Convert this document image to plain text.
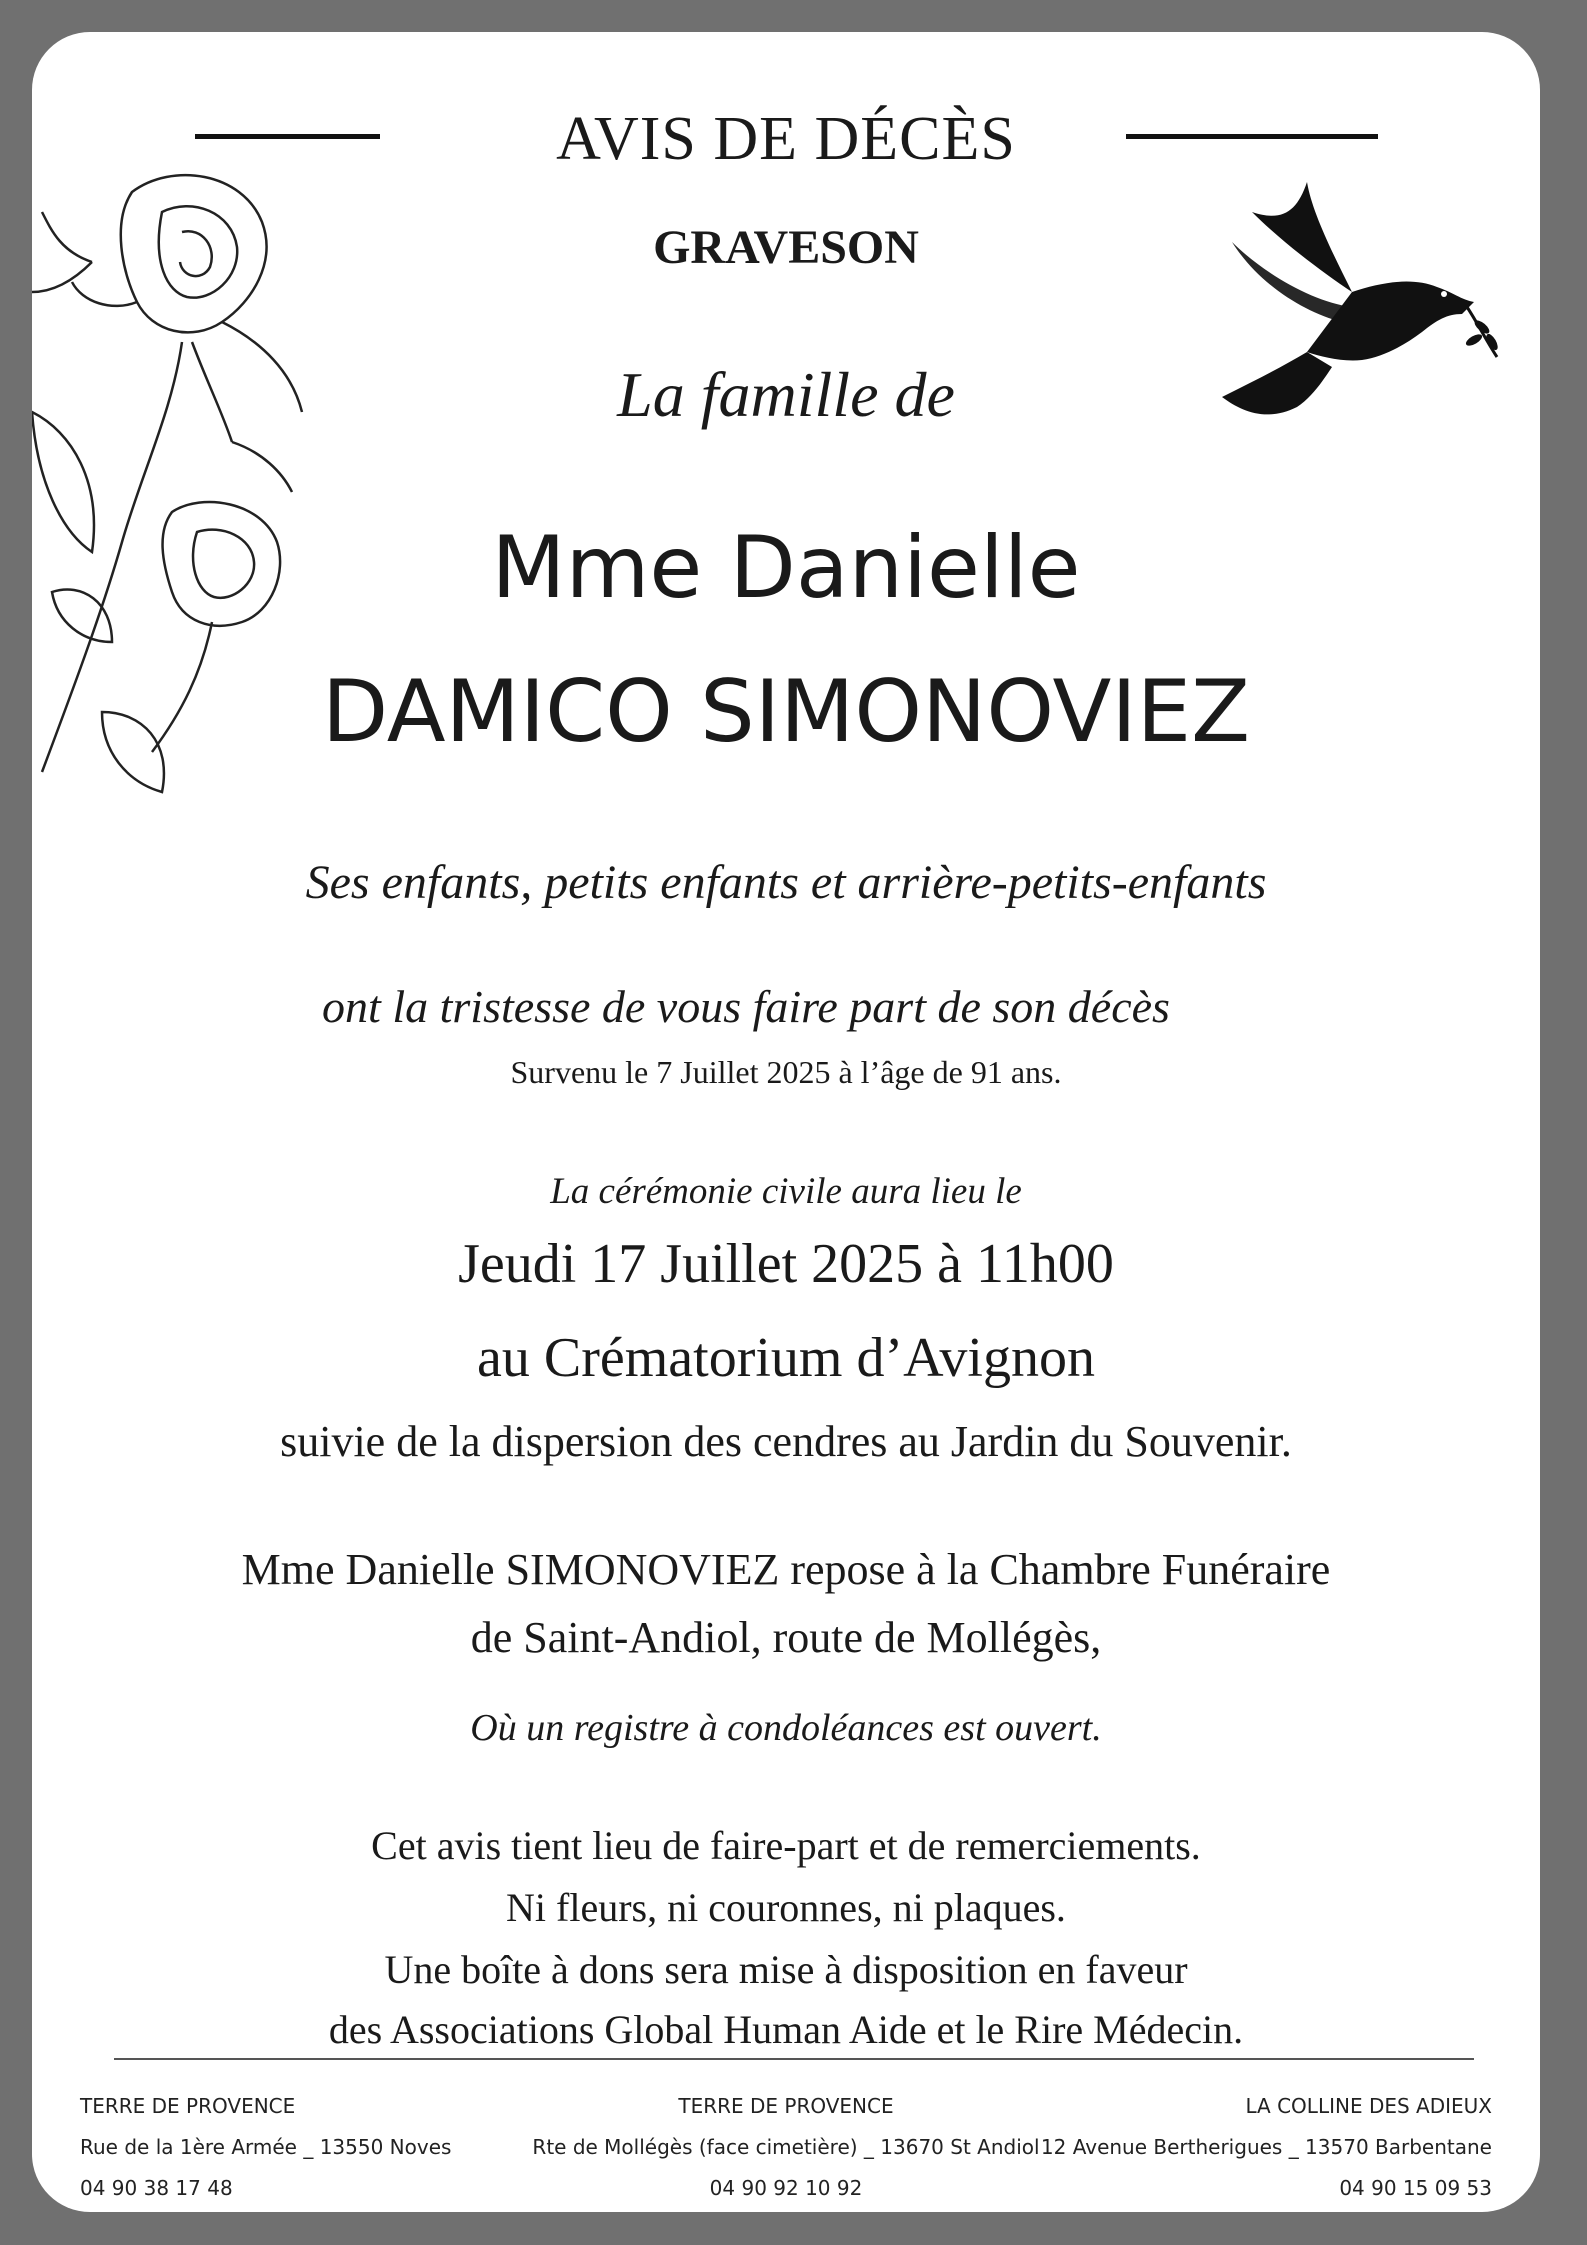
AVIS DE DÉCÈS
GRAVESON
La famille de
Mme Danielle
DAMICO SIMONOVIEZ
Ses enfants, petits enfants et arrière-petits-enfants
ont la tristesse de vous faire part de son décès
Survenu le 7 Juillet 2025 à l’âge de 91 ans.
La cérémonie civile aura lieu le
Jeudi 17 Juillet 2025 à 11h00
au Crématorium d’Avignon
suivie de la dispersion des cendres au Jardin du Souvenir.
Mme Danielle SIMONOVIEZ repose à la Chambre Funéraire
de Saint-Andiol, route de Mollégès,
Où un registre à condoléances est ouvert.
Cet avis tient lieu de faire-part et de remerciements.
Ni fleurs, ni couronnes, ni plaques.
Une boîte à dons sera mise à disposition en faveur
des Associations Global Human Aide et le Rire Médecin.
TERRE DE PROVENCE
Rue de la 1ère Armée _ 13550 Noves
04 90 38 17 48
TERRE DE PROVENCE
Rte de Mollégès (face cimetière) _ 13670 St Andiol
04 90 92 10 92
LA COLLINE DES ADIEUX
12 Avenue Bertherigues _ 13570 Barbentane
04 90 15 09 53
